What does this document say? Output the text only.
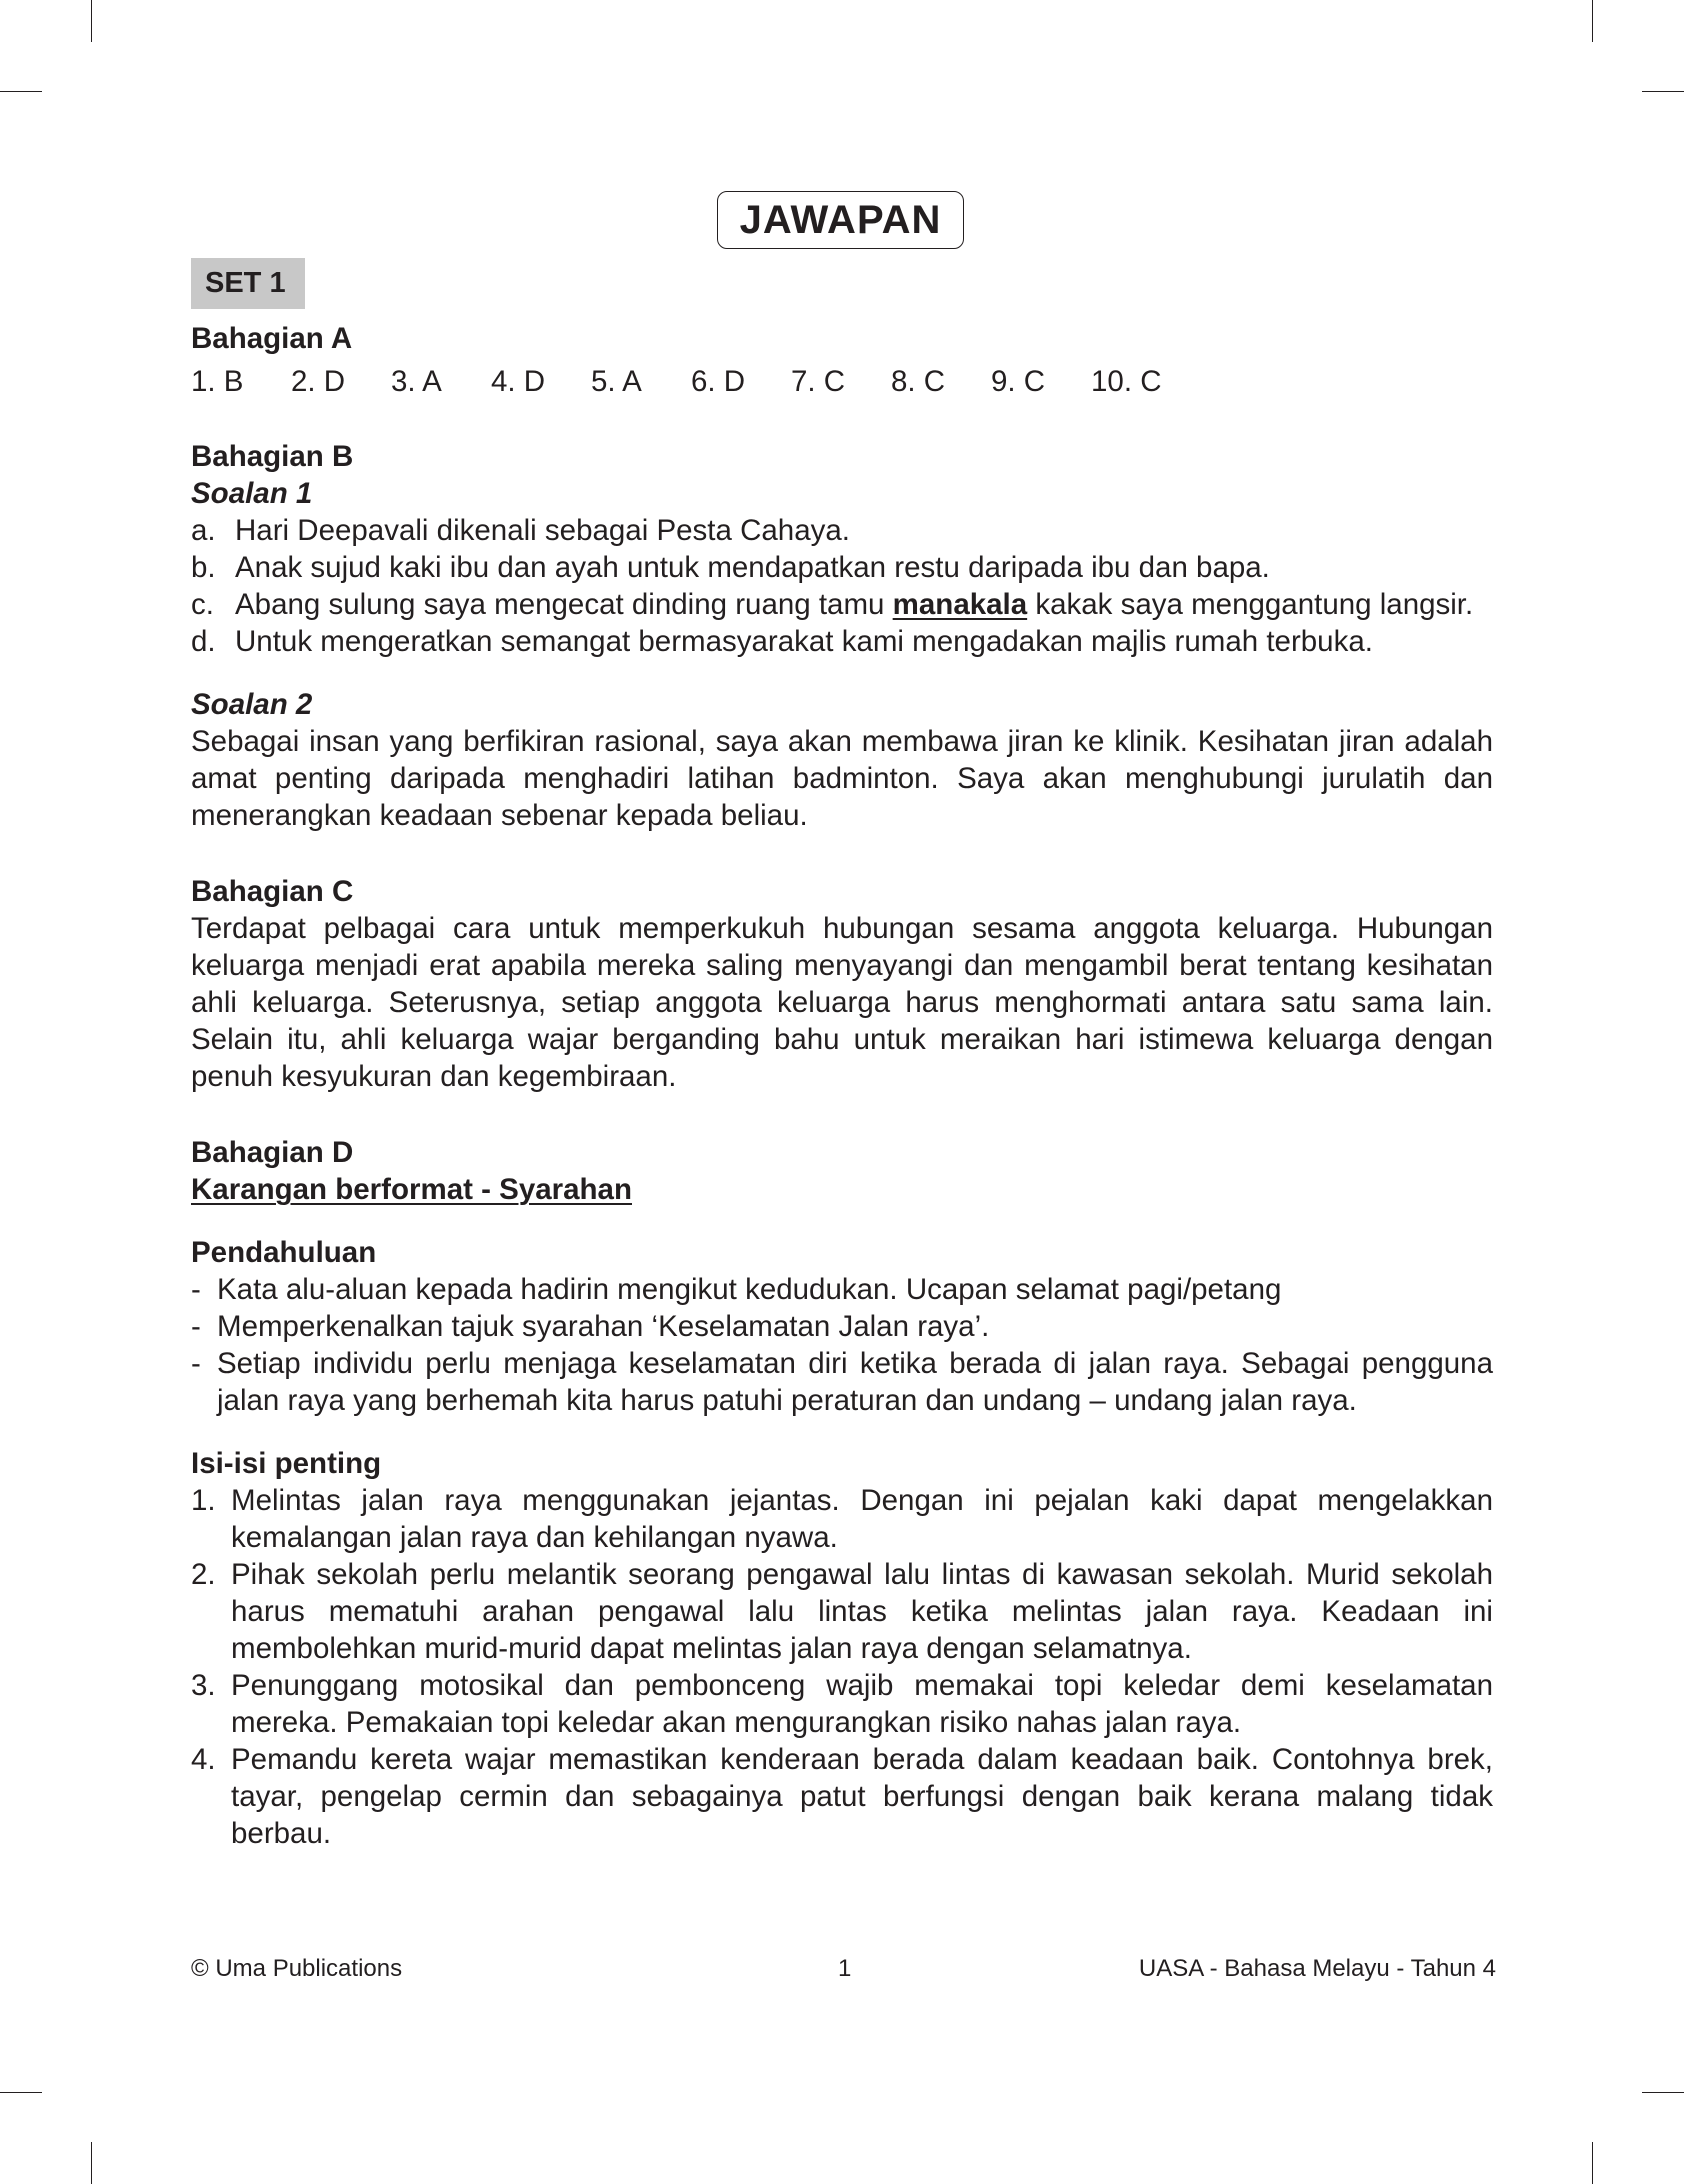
JAWAPAN
SET 1
Bahagian A
1. B	2. D	3. A	4. D	5. A	6. D	7. C	8. C	9. C	10. C
Bahagian B
Soalan 1
a. Hari Deepavali dikenali sebagai Pesta Cahaya.
b. Anak sujud kaki ibu dan ayah untuk mendapatkan restu daripada ibu dan bapa.
c. Abang sulung saya mengecat dinding ruang tamu manakala kakak saya menggantung langsir.
d. Untuk mengeratkan semangat bermasyarakat kami mengadakan majlis rumah terbuka.
Soalan 2
Sebagai insan yang berfikiran rasional, saya akan membawa jiran ke klinik. Kesihatan jiran adalah amat penting daripada menghadiri latihan badminton. Saya akan menghubungi jurulatih dan menerangkan keadaan sebenar kepada beliau.
Bahagian C
Terdapat pelbagai cara untuk memperkukuh hubungan sesama anggota keluarga. Hubungan keluarga menjadi erat apabila mereka saling menyayangi dan mengambil berat tentang kesihatan ahli keluarga. Seterusnya, setiap anggota keluarga harus menghormati antara satu sama lain. Selain itu, ahli keluarga wajar berganding bahu untuk meraikan hari istimewa keluarga dengan penuh kesyukuran dan kegembiraan.
Bahagian D
Karangan berformat - Syarahan
Pendahuluan
- Kata alu-aluan kepada hadirin mengikut kedudukan. Ucapan selamat pagi/petang
- Memperkenalkan tajuk syarahan ‘Keselamatan Jalan raya’.
- Setiap individu perlu menjaga keselamatan diri ketika berada di jalan raya. Sebagai pengguna jalan raya yang berhemah kita harus patuhi peraturan dan undang – undang jalan raya.
Isi-isi penting
1. Melintas jalan raya menggunakan jejantas. Dengan ini pejalan kaki dapat mengelakkan kemalangan jalan raya dan kehilangan nyawa.
2. Pihak sekolah perlu melantik seorang pengawal lalu lintas di kawasan sekolah. Murid sekolah harus mematuhi arahan pengawal lalu lintas ketika melintas jalan raya. Keadaan ini membolehkan murid-murid dapat melintas jalan raya dengan selamatnya.
3. Penunggang motosikal dan pembonceng wajib memakai topi keledar demi keselamatan mereka. Pemakaian topi keledar akan mengurangkan risiko nahas jalan raya.
4. Pemandu kereta wajar memastikan kenderaan berada dalam keadaan baik. Contohnya brek, tayar, pengelap cermin dan sebagainya patut berfungsi dengan baik kerana malang tidak berbau.
© Uma Publications	1	UASA - Bahasa Melayu - Tahun 4
